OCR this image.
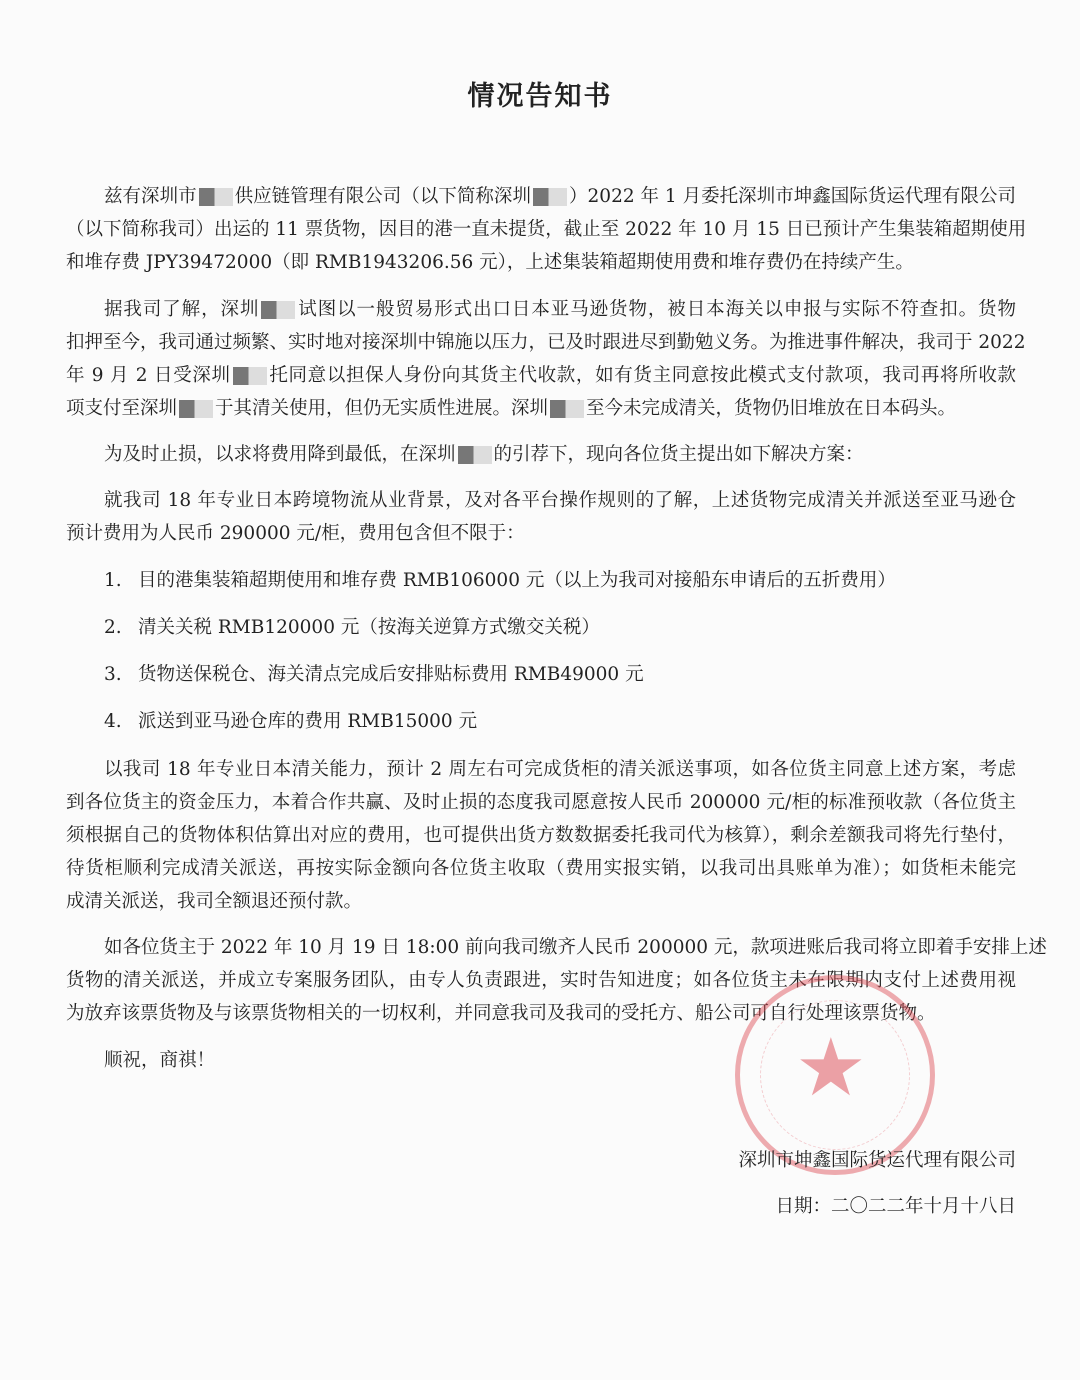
情况告知书
兹有深圳市 供应链管理有限公司（以下简称深圳 ）2022 年 1 月委托深圳市坤鑫国际货运代理有限公司
（以下简称我司）出运的 11 票货物，因目的港一直未提货，截止至 2022 年 10 月 15 日已预计产生集装箱超期使用
和堆存费 JPY39472000（即 RMB1943206.56 元），上述集装箱超期使用费和堆存费仍在持续产生。
据我司了解，深圳 试图以一般贸易形式出口日本亚马逊货物，被日本海关以申报与实际不符查扣。货物
扣押至今，我司通过频繁、实时地对接深圳中锦施以压力，已及时跟进尽到勤勉义务。为推进事件解决，我司于 2022
年 9 月 2 日受深圳 托同意以担保人身份向其货主代收款，如有货主同意按此模式支付款项，我司再将所收款
项支付至深圳 于其清关使用，但仍无实质性进展。深圳 至今未完成清关，货物仍旧堆放在日本码头。
为及时止损，以求将费用降到最低，在深圳 的引荐下，现向各位货主提出如下解决方案：
就我司 18 年专业日本跨境物流从业背景，及对各平台操作规则的了解，上述货物完成清关并派送至亚马逊仓
预计费用为人民币 290000 元/柜，费用包含但不限于：
1. 目的港集装箱超期使用和堆存费 RMB106000 元（以上为我司对接船东申请后的五折费用）
2. 清关关税 RMB120000 元（按海关逆算方式缴交关税）
3. 货物送保税仓、海关清点完成后安排贴标费用 RMB49000 元
4. 派送到亚马逊仓库的费用 RMB15000 元
以我司 18 年专业日本清关能力，预计 2 周左右可完成货柜的清关派送事项，如各位货主同意上述方案，考虑
到各位货主的资金压力，本着合作共赢、及时止损的态度我司愿意按人民币 200000 元/柜的标准预收款（各位货主
须根据自己的货物体积估算出对应的费用，也可提供出货方数数据委托我司代为核算），剩余差额我司将先行垫付，
待货柜顺利完成清关派送，再按实际金额向各位货主收取（费用实报实销，以我司出具账单为准）；如货柜未能完
成清关派送，我司全额退还预付款。
如各位货主于 2022 年 10 月 19 日 18:00 前向我司缴齐人民币 200000 元，款项进账后我司将立即着手安排上述
货物的清关派送，并成立专案服务团队，由专人负责跟进，实时告知进度；如各位货主未在限期内支付上述费用视
为放弃该票货物及与该票货物相关的一切权利，并同意我司及我司的受托方、船公司可自行处理该票货物。
顺祝，商祺！	★
深圳市坤鑫国际货运代理有限公司
日期：二〇二二年十月十八日
